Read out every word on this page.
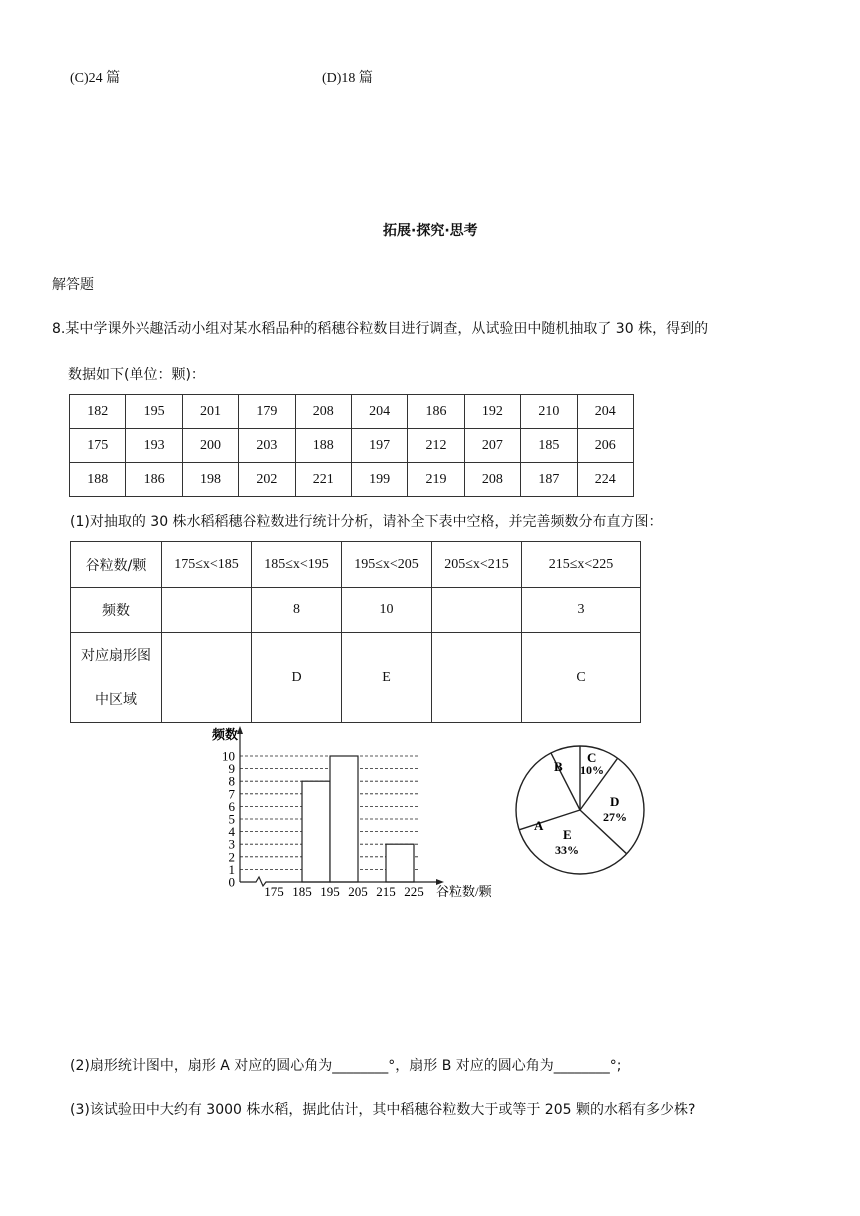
(C)24 篇	(D)18 篇
拓展·探究·思考
解答题
8.某中学课外兴趣活动小组对某水稻品种的稻穗谷粒数目进行调查，从试验田中随机抽取了 30 株，得到的
数据如下(单位：颗)：
182	195	201	179	208	204	186	192	210	204
175	193	200	203	188	197	212	207	185	206
188	186	198	202	221	199	219	208	187	224
(1)对抽取的 30 株水稻稻穗谷粒数进行统计分析，请补全下表中空格，并完善频数分布直方图：
谷粒数/颗	175≤x<185	185≤x<195	195≤x<205	205≤x<215	215≤x<225
频数		8	10		3

对应扇形图
中区域		D	E		C
频数
谷粒数/颗
0
1
2
3
4
5
6
7
8
9
10
175 185 195 205 215 225
A
B
C
10%
D
27%
E
33%
(2)扇形统计图中，扇形 A 对应的圆心角为________°，扇形 B 对应的圆心角为________°;
(3)该试验田中大约有 3000 株水稻，据此估计，其中稻穗谷粒数大于或等于 205 颗的水稻有多少株?
